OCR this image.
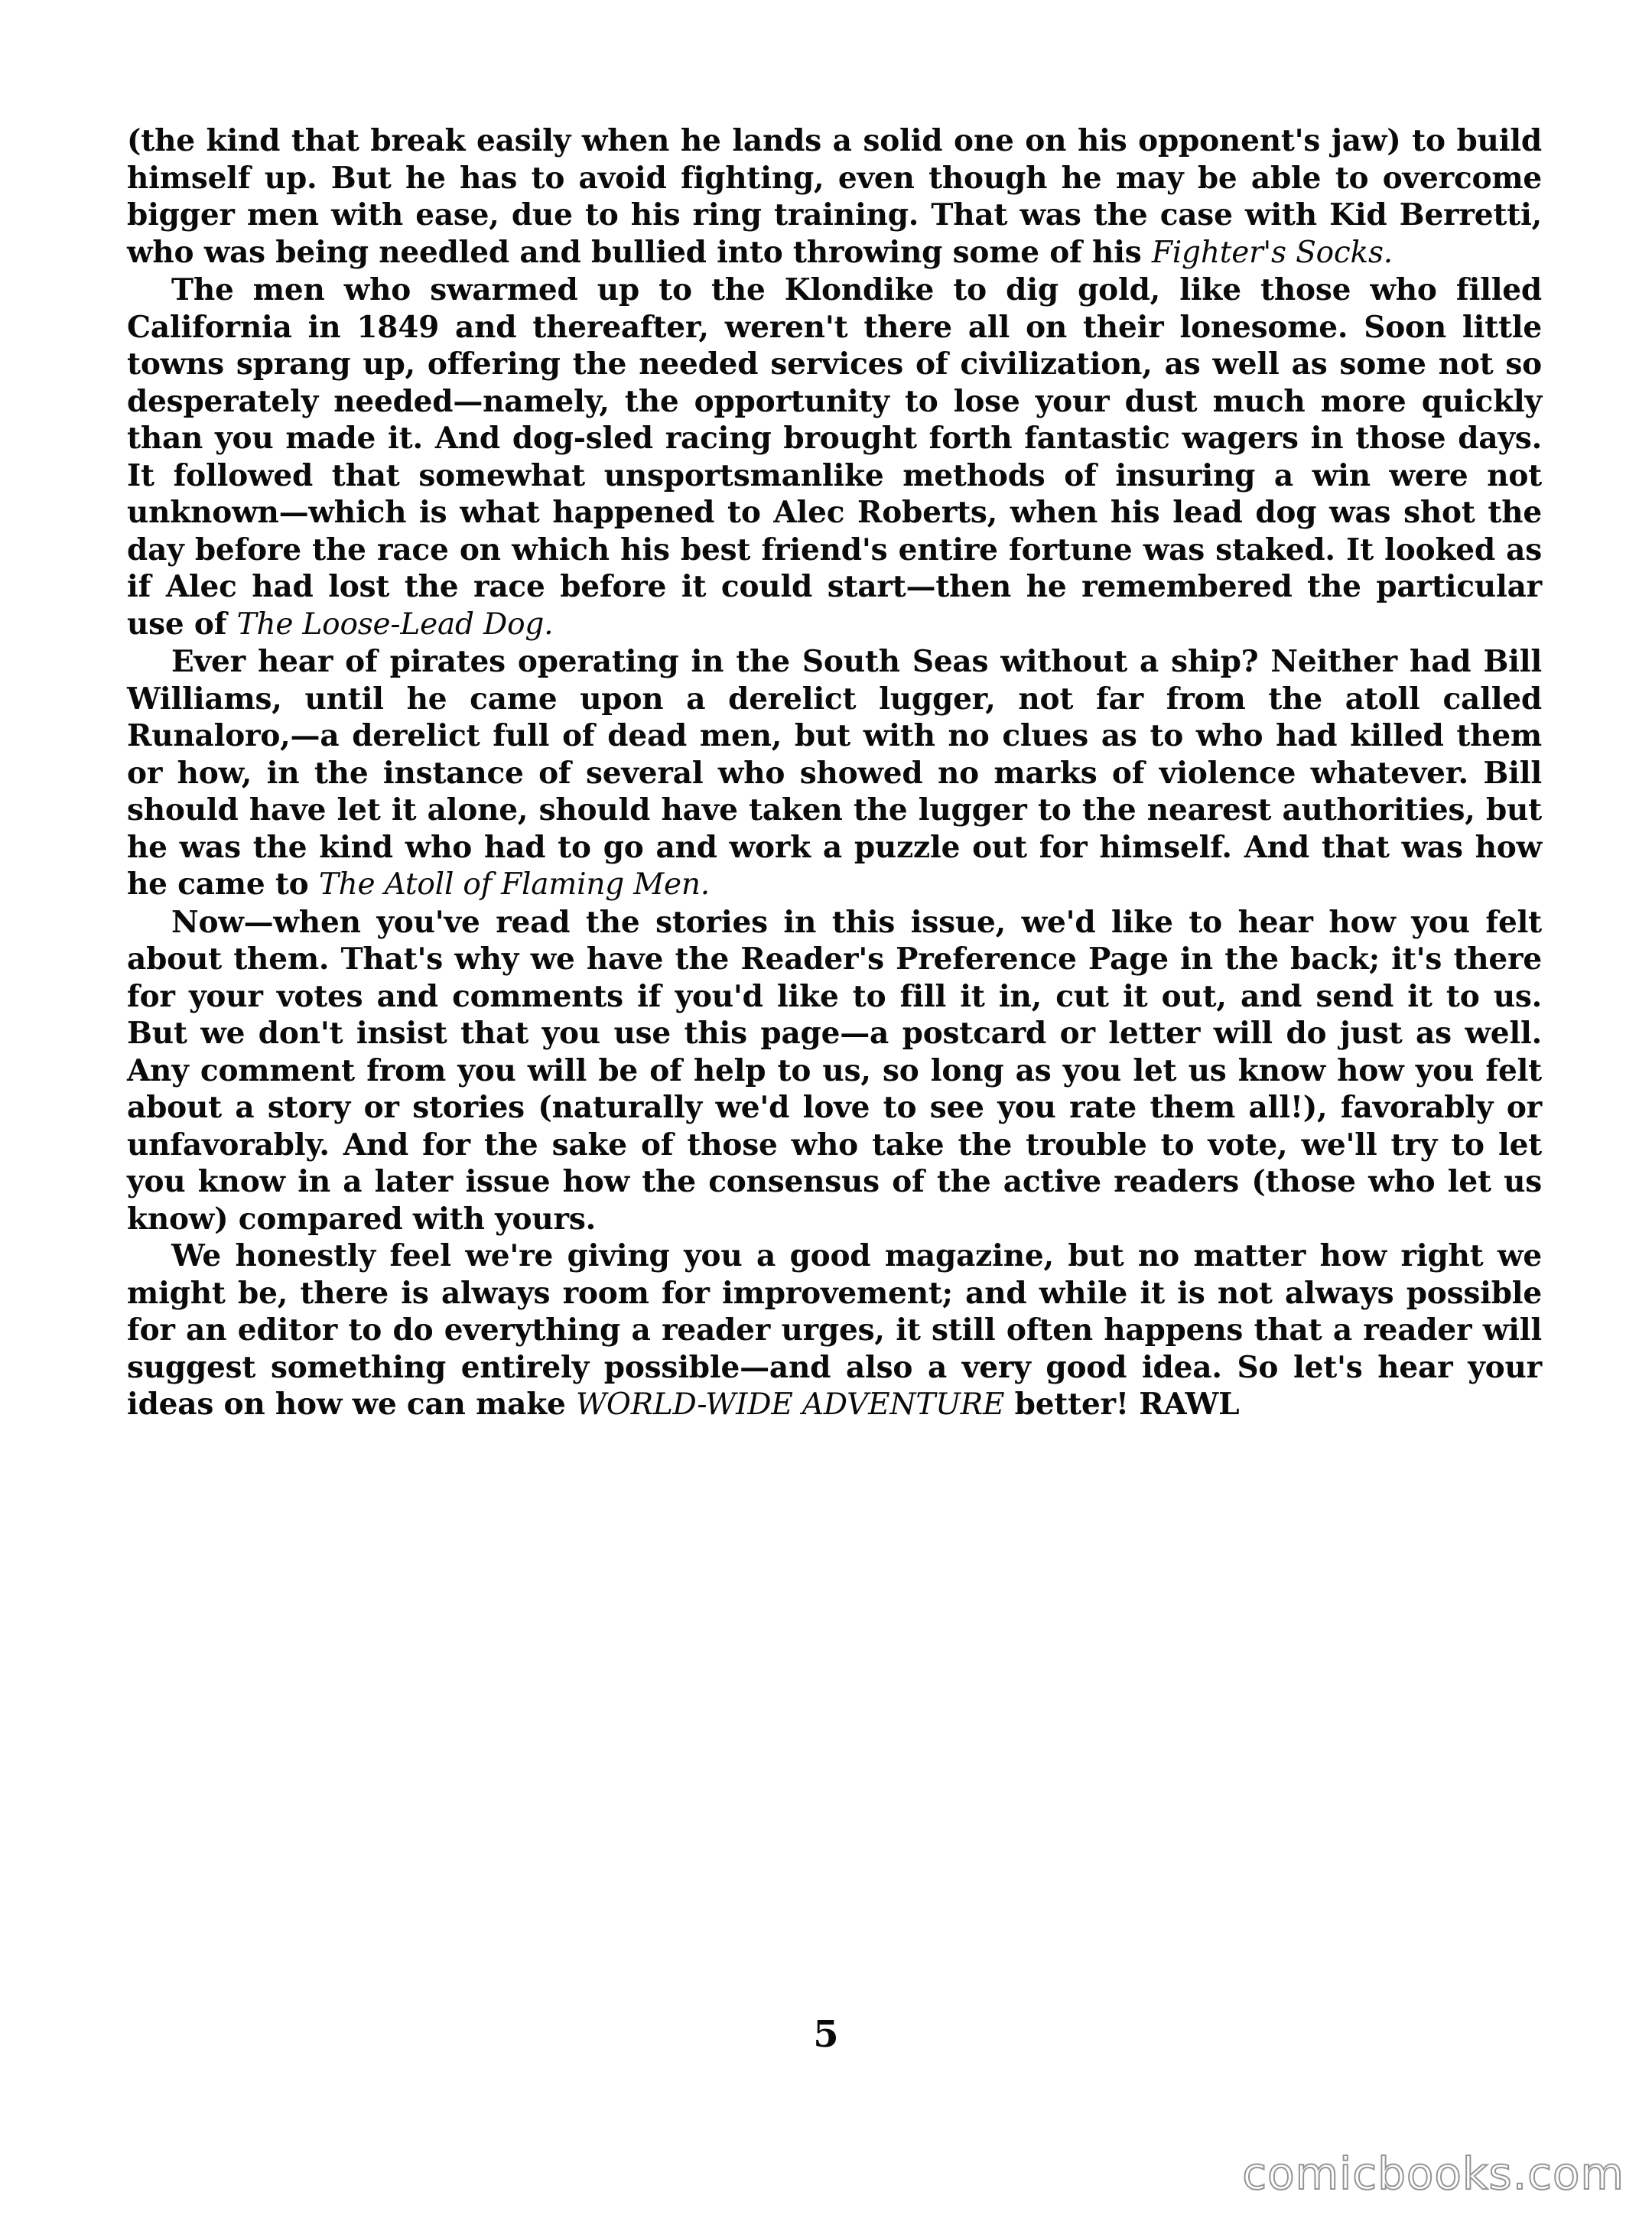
(the kind that break easily when he lands a solid one on his opponent's jaw) to build himself up. But he has to avoid fighting, even though he may be able to overcome bigger men with ease, due to his ring training. That was the case with Kid Berretti, who was being needled and bullied into throwing some of his Fighter's Socks.

The men who swarmed up to the Klondike to dig gold, like those who filled California in 1849 and thereafter, weren't there all on their lonesome. Soon little towns sprang up, offering the needed services of civilization, as well as some not so desperately needed—namely, the opportunity to lose your dust much more quickly than you made it. And dog-sled racing brought forth fantastic wagers in those days. It followed that somewhat unsportsmanlike methods of insuring a win were not unknown—which is what happened to Alec Roberts, when his lead dog was shot the day before the race on which his best friend's entire fortune was staked. It looked as if Alec had lost the race before it could start—then he remembered the particular use of The Loose-Lead Dog.

Ever hear of pirates operating in the South Seas without a ship? Neither had Bill Williams, until he came upon a derelict lugger, not far from the atoll called Runaloro,—a derelict full of dead men, but with no clues as to who had killed them or how, in the instance of several who showed no marks of violence whatever. Bill should have let it alone, should have taken the lugger to the nearest authorities, but he was the kind who had to go and work a puzzle out for himself. And that was how he came to The Atoll of Flaming Men.

Now—when you've read the stories in this issue, we'd like to hear how you felt about them. That's why we have the Reader's Preference Page in the back; it's there for your votes and comments if you'd like to fill it in, cut it out, and send it to us. But we don't insist that you use this page—a postcard or letter will do just as well. Any comment from you will be of help to us, so long as you let us know how you felt about a story or stories (naturally we'd love to see you rate them all!), favorably or unfavorably. And for the sake of those who take the trouble to vote, we'll try to let you know in a later issue how the consensus of the active readers (those who let us know) compared with yours.

We honestly feel we're giving you a good magazine, but no matter how right we might be, there is always room for improvement; and while it is not always possible for an editor to do everything a reader urges, it still often happens that a reader will suggest something entirely possible—and also a very good idea. So let's hear your ideas on how we can make WORLD-WIDE ADVENTURE better! RAWL

5
comicbooks.com
